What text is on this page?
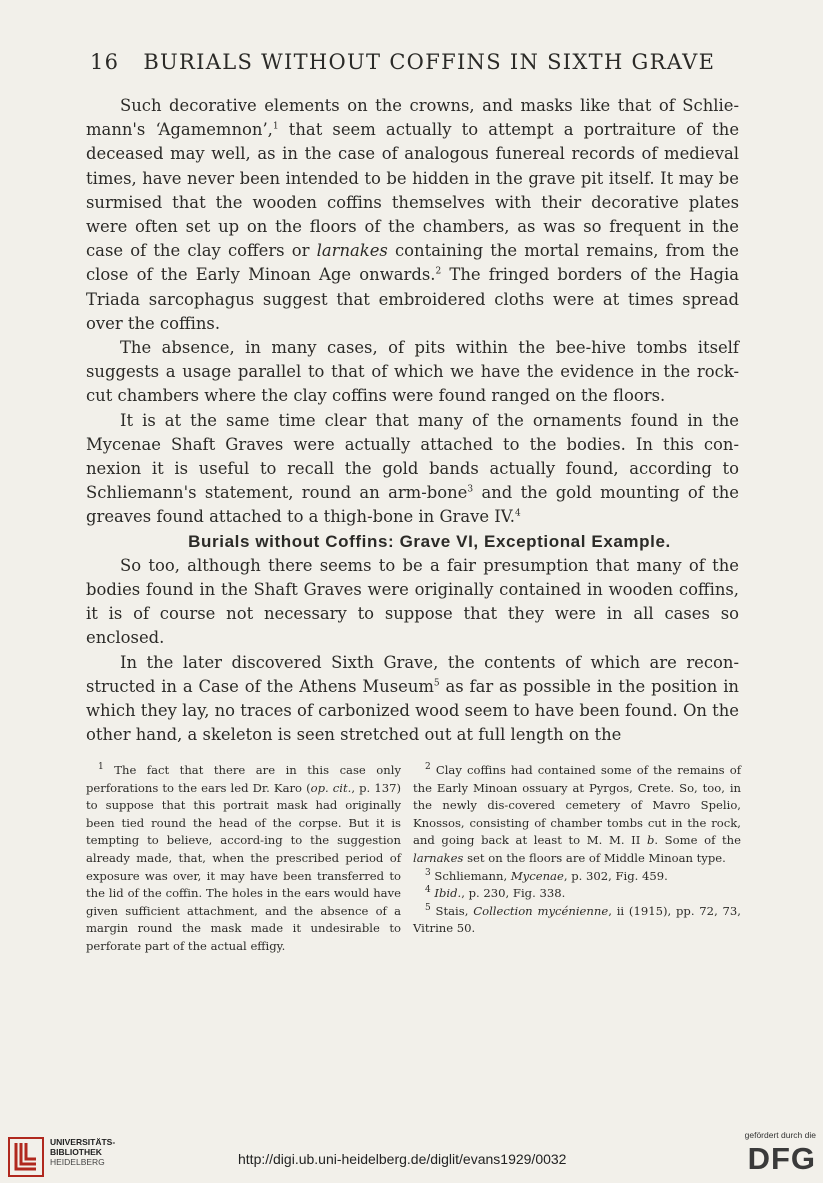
16 BURIALS WITHOUT COFFINS IN SIXTH GRAVE

Such decorative elements on the crowns, and masks like that of Schlie-mann's ‘Agamemnon’,$^1$ that seem actually to attempt a portraiture of the deceased may well, as in the case of analogous funereal records of medieval times, have never been intended to be hidden in the grave pit itself. It may be surmised that the wooden coffins themselves with their decorative plates were often set up on the floors of the chambers, as was so frequent in the case of the clay coffers or larnakes containing the mortal remains, from the close of the Early Minoan Age onwards.$^2$ The fringed borders of the Hagia Triada sarcophagus suggest that embroidered cloths were at times spread over the coffins.

The absence, in many cases, of pits within the bee-hive tombs itself suggests a usage parallel to that of which we have the evidence in the rock-cut chambers where the clay coffins were found ranged on the floors.

It is at the same time clear that many of the ornaments found in the Mycenae Shaft Graves were actually attached to the bodies. In this con-nexion it is useful to recall the gold bands actually found, according to Schliemann's statement, round an arm-bone$^3$ and the gold mounting of the greaves found attached to a thigh-bone in Grave IV.$^4$

Burials without Coffins: Grave VI, Exceptional Example.

So too, although there seems to be a fair presumption that many of the bodies found in the Shaft Graves were originally contained in wooden coffins, it is of course not necessary to suppose that they were in all cases so enclosed.

In the later discovered Sixth Grave, the contents of which are recon-structed in a Case of the Athens Museum$^5$ as far as possible in the position in which they lay, no traces of carbonized wood seem to have been found. On the other hand, a skeleton is seen stretched out at full length on the

$^1$ The fact that there are in this case only perforations to the ears led Dr. Karo (op. cit., p. 137) to suppose that this portrait mask had originally been tied round the head of the corpse. But it is tempting to believe, accord-ing to the suggestion already made, that, when the prescribed period of exposure was over, it may have been transferred to the lid of the coffin. The holes in the ears would have given sufficient attachment, and the absence of a margin round the mask made it undesirable to perforate part of the actual effigy.

$^2$ Clay coffins had contained some of the remains of the Early Minoan ossuary at Pyrgos, Crete. So, too, in the newly dis-covered cemetery of Mavro Spelio, Knossos, consisting of chamber tombs cut in the rock, and going back at least to M. M. II b. Some of the larnakes set on the floors are of Middle Minoan type.

$^3$ Schliemann, Mycenae, p. 302, Fig. 459.

$^4$ Ibid., p. 230, Fig. 338.

$^5$ Stais, Collection mycénienne, ii (1915), pp. 72, 73, Vitrine 50.

UNIVERSITÄTS-
BIBLIOTHEK
HEIDELBERG	http://digi.ub.uni-heidelberg.de/diglit/evans1929/0032
gefördert durch die
DFG
